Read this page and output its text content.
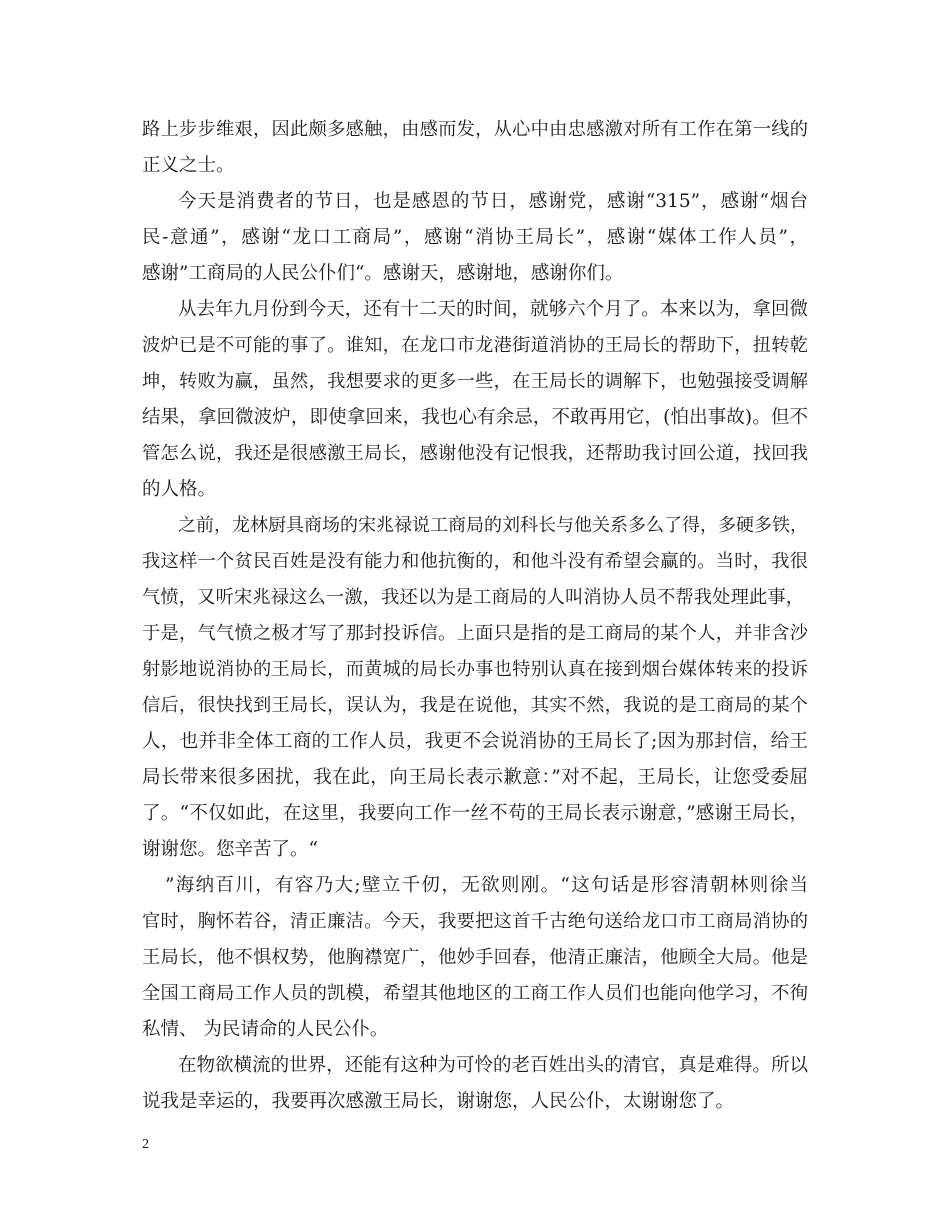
路上步步维艰，因此颇多感触，由感而发，从心中由忠感激对所有工作在第一线的
正义之士。
今天是消费者的节日，也是感恩的节日，感谢党，感谢“315”，感谢“烟台
民-意通”，感谢“龙口工商局”，感谢“消协王局长”，感谢“媒体工作人员”，
感谢”工商局的人民公仆们“。感谢天，感谢地，感谢你们。
从去年九月份到今天，还有十二天的时间，就够六个月了。本来以为，拿回微
波炉已是不可能的事了。谁知，在龙口市龙港街道消协的王局长的帮助下，扭转乾
坤，转败为赢，虽然，我想要求的更多一些，在王局长的调解下，也勉强接受调解
结果，拿回微波炉，即使拿回来，我也心有余忌，不敢再用它，(怕出事故)。但不
管怎么说，我还是很感激王局长，感谢他没有记恨我，还帮助我讨回公道，找回我
的人格。
之前，龙林厨具商场的宋兆禄说工商局的刘科长与他关系多么了得，多硬多铁，
我这样一个贫民百姓是没有能力和他抗衡的，和他斗没有希望会赢的。当时，我很
气愤，又听宋兆禄这么一激，我还以为是工商局的人叫消协人员不帮我处理此事，
于是，气气愤之极才写了那封投诉信。上面只是指的是工商局的某个人，并非含沙
射影地说消协的王局长，而黄城的局长办事也特别认真在接到烟台媒体转来的投诉
信后，很快找到王局长，误认为，我是在说他，其实不然，我说的是工商局的某个
人，也并非全体工商的工作人员，我更不会说消协的王局长了;因为那封信，给王
局长带来很多困扰，我在此，向王局长表示歉意：”对不起，王局长，让您受委屈
了。“不仅如此，在这里，我要向工作一丝不苟的王局长表示谢意，”感谢王局长，
谢谢您。您辛苦了。“
”海纳百川，有容乃大;壁立千仞，无欲则刚。“这句话是形容清朝林则徐当
官时，胸怀若谷，清正廉洁。今天，我要把这首千古绝句送给龙口市工商局消协的
王局长，他不惧权势，他胸襟宽广，他妙手回春，他清正廉洁，他顾全大局。他是
全国工商局工作人员的凯模，希望其他地区的工商工作人员们也能向他学习，不徇
私情、 为民请命的人民公仆。
在物欲横流的世界，还能有这种为可怜的老百姓出头的清官，真是难得。所以
说我是幸运的，我要再次感激王局长，谢谢您，人民公仆，太谢谢您了。
2
